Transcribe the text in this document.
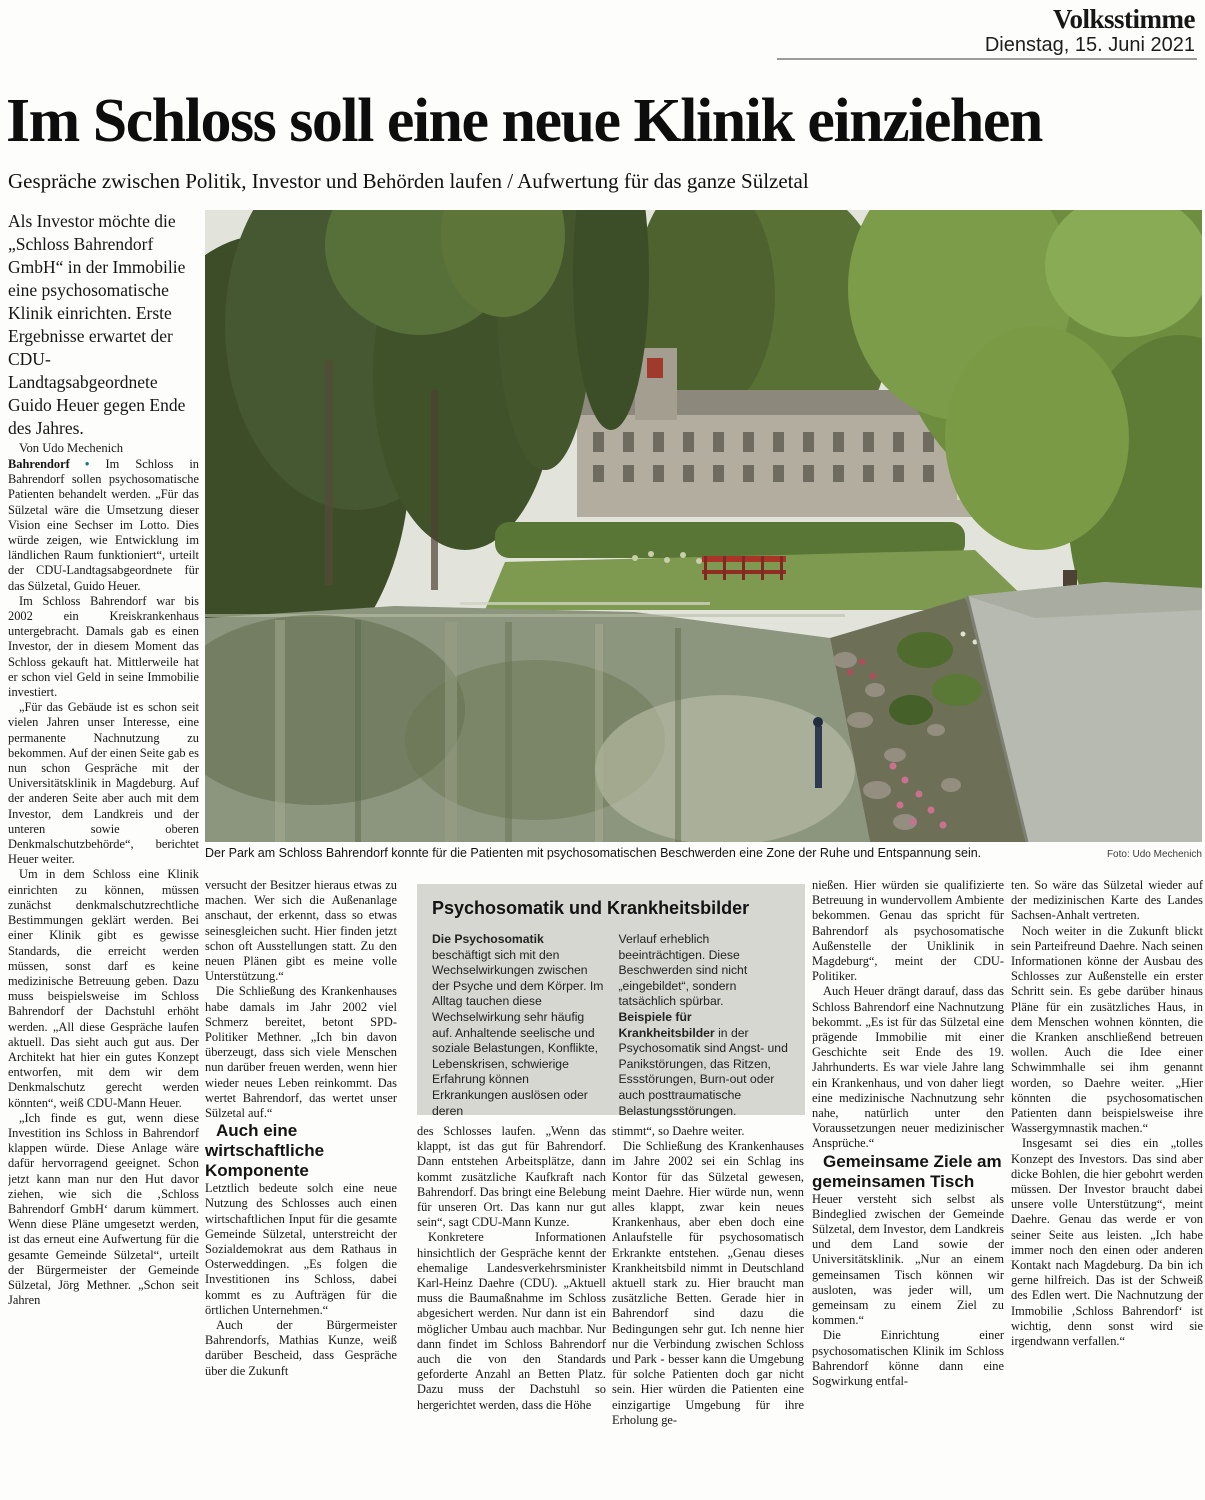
Volksstimme
Dienstag, 15. Juni 2021
Im Schloss soll eine neue Klinik einziehen
Gespräche zwischen Politik, Investor und Behörden laufen / Aufwertung für das ganze Sülzetal

Als Investor möchte die „Schloss Bahrendorf GmbH“ in der Immobilie eine psychosomatische Klinik einrichten. Erste Ergebnisse erwartet der CDU-Landtagsabgeordnete Guido Heuer gegen Ende des Jahres.

Von Udo Mechenich

Bahrendorf ● Im Schloss in Bahrendorf sollen psychosomatische Patienten behandelt werden. „Für das Sülzetal wäre die Umsetzung dieser Vision eine Sechser im Lotto. Dies würde zeigen, wie Entwicklung im ländlichen Raum funktioniert“, urteilt der CDU-Landtagsabgeordnete für das Sülzetal, Guido Heuer.

Im Schloss Bahrendorf war bis 2002 ein Kreiskrankenhaus untergebracht. Damals gab es einen Investor, der in diesem Moment das Schloss gekauft hat. Mittlerweile hat er schon viel Geld in seine Immobilie investiert.

„Für das Gebäude ist es schon seit vielen Jahren unser Interesse, eine permanente Nachnutzung zu bekommen. Auf der einen Seite gab es nun schon Gespräche mit der Universitätsklinik in Magdeburg. Auf der anderen Seite aber auch mit dem Investor, dem Landkreis und der unteren sowie oberen Denkmalschutzbehörde“, berichtet Heuer weiter.

Um in dem Schloss eine Klinik einrichten zu können, müssen zunächst denkmalschutzrechtliche Bestimmungen geklärt werden. Bei einer Klinik gibt es gewisse Standards, die erreicht werden müssen, sonst darf es keine medizinische Betreuung geben. Dazu muss beispielsweise im Schloss Bahrendorf der Dachstuhl erhöht werden. „All diese Gespräche laufen aktuell. Das sieht auch gut aus. Der Architekt hat hier ein gutes Konzept entworfen, mit dem wir dem Denkmalschutz gerecht werden könnten“, weiß CDU-Mann Heuer.

„Ich finde es gut, wenn diese Investition ins Schloss in Bahrendorf klappen würde. Diese Anlage wäre dafür hervorragend geeignet. Schon jetzt kann man nur den Hut davor ziehen, wie sich die ‚Schloss Bahrendorf GmbH‘ darum kümmert. Wenn diese Pläne umgesetzt werden, ist das erneut eine Aufwertung für die gesamte Gemeinde Sülzetal“, urteilt der Bürgermeister der Gemeinde Sülzetal, Jörg Methner. „Schon seit Jahren

Der Park am Schloss Bahrendorf konnte für die Patienten mit psychosomatischen Beschwerden eine Zone der Ruhe und Entspannung sein.	Foto: Udo Mechenich
Psychosomatik und Krankheitsbilder

Die Psychosomatik beschäftigt sich mit den Wechselwirkungen zwischen der Psyche und dem Körper. Im Alltag tauchen diese Wechselwirkung sehr häufig auf. Anhaltende seelische und soziale Belastungen, Konflikte, Lebenskrisen, schwierige Erfahrung können Erkrankungen auslösen oder deren

Verlauf erheblich beeinträchtigen. Diese Beschwerden sind nicht „eingebildet“, sondern tatsächlich spürbar.

Beispiele für Krankheitsbilder in der Psychosomatik sind Angst- und Panikstörungen, das Ritzen, Essstörungen, Burn-out oder auch posttraumatische Belastungsstörungen.

versucht der Besitzer hieraus etwas zu machen. Wer sich die Außenanlage anschaut, der erkennt, dass so etwas seinesgleichen sucht. Hier finden jetzt schon oft Ausstellungen statt. Zu den neuen Plänen gibt es meine volle Unterstützung.“

Die Schließung des Krankenhauses habe damals im Jahr 2002 viel Schmerz bereitet, betont SPD-Politiker Methner. „Ich bin davon überzeugt, dass sich viele Menschen nun darüber freuen werden, wenn hier wieder neues Leben reinkommt. Das wertet Bahrendorf, das wertet unser Sülzetal auf.“

Auch eine wirtschaftliche Komponente

Letztlich bedeute solch eine neue Nutzung des Schlosses auch einen wirtschaftlichen Input für die gesamte Gemeinde Sülzetal, unterstreicht der Sozialdemokrat aus dem Rathaus in Osterweddingen. „Es folgen die Investitionen ins Schloss, dabei kommt es zu Aufträgen für die örtlichen Unternehmen.“

Auch der Bürgermeister Bahrendorfs, Mathias Kunze, weiß darüber Bescheid, dass Gespräche über die Zukunft

des Schlosses laufen. „Wenn das klappt, ist das gut für Bahrendorf. Dann entstehen Arbeitsplätze, dann kommt zusätzliche Kaufkraft nach Bahrendorf. Das bringt eine Belebung für unseren Ort. Das kann nur gut sein“, sagt CDU-Mann Kunze.

Konkretere Informationen hinsichtlich der Gespräche kennt der ehemalige Landesverkehrsminister Karl-Heinz Daehre (CDU). „Aktuell muss die Baumaßnahme im Schloss abgesichert werden. Nur dann ist ein möglicher Umbau auch machbar. Nur dann findet im Schloss Bahrendorf auch die von den Standards geforderte Anzahl an Betten Platz. Dazu muss der Dachstuhl so hergerichtet werden, dass die Höhe

stimmt“, so Daehre weiter.

Die Schließung des Krankenhauses im Jahre 2002 sei ein Schlag ins Kontor für das Sülzetal gewesen, meint Daehre. Hier würde nun, wenn alles klappt, zwar kein neues Krankenhaus, aber eben doch eine Anlaufstelle für psychosomatisch Erkrankte entstehen. „Genau dieses Krankheitsbild nimmt in Deutschland aktuell stark zu. Hier braucht man zusätzliche Betten. Gerade hier in Bahrendorf sind dazu die Bedingungen sehr gut. Ich nenne hier nur die Verbindung zwischen Schloss und Park - besser kann die Umgebung für solche Patienten doch gar nicht sein. Hier würden die Patienten eine einzigartige Umgebung für ihre Erholung ge-

nießen. Hier würden sie qualifizierte Betreuung in wundervollem Ambiente bekommen. Genau das spricht für Bahrendorf als psychosomatische Außenstelle der Uniklinik in Magdeburg“, meint der CDU-Politiker.

Auch Heuer drängt darauf, dass das Schloss Bahrendorf eine Nachnutzung bekommt. „Es ist für das Sülzetal eine prägende Immobilie mit einer Geschichte seit Ende des 19. Jahrhunderts. Es war viele Jahre lang ein Krankenhaus, und von daher liegt eine medizinische Nachnutzung sehr nahe, natürlich unter den Voraussetzungen neuer medizinischer Ansprüche.“

Gemeinsame Ziele am gemeinsamen Tisch

Heuer versteht sich selbst als Bindeglied zwischen der Gemeinde Sülzetal, dem Investor, dem Landkreis und dem Land sowie der Universitätsklinik. „Nur an einem gemeinsamen Tisch können wir ausloten, was jeder will, um gemeinsam zu einem Ziel zu kommen.“

Die Einrichtung einer psychosomatischen Klinik im Schloss Bahrendorf könne dann eine Sogwirkung entfal-

ten. So wäre das Sülzetal wieder auf der medizinischen Karte des Landes Sachsen-Anhalt vertreten.

Noch weiter in die Zukunft blickt sein Parteifreund Daehre. Nach seinen Informationen könne der Ausbau des Schlosses zur Außenstelle ein erster Schritt sein. Es gebe darüber hinaus Pläne für ein zusätzliches Haus, in dem Menschen wohnen könnten, die die Kranken anschließend betreuen wollen. Auch die Idee einer Schwimmhalle sei ihm genannt worden, so Daehre weiter. „Hier könnten die psychosomatischen Patienten dann beispielsweise ihre Wassergymnastik machen.“

Insgesamt sei dies ein „tolles Konzept des Investors. Das sind aber dicke Bohlen, die hier gebohrt werden müssen. Der Investor braucht dabei unsere volle Unterstützung“, meint Daehre. Genau das werde er von seiner Seite aus leisten. „Ich habe immer noch den einen oder anderen Kontakt nach Magdeburg. Da bin ich gerne hilfreich. Das ist der Schweiß des Edlen wert. Die Nachnutzung der Immobilie ‚Schloss Bahrendorf‘ ist wichtig, denn sonst wird sie irgendwann verfallen.“
